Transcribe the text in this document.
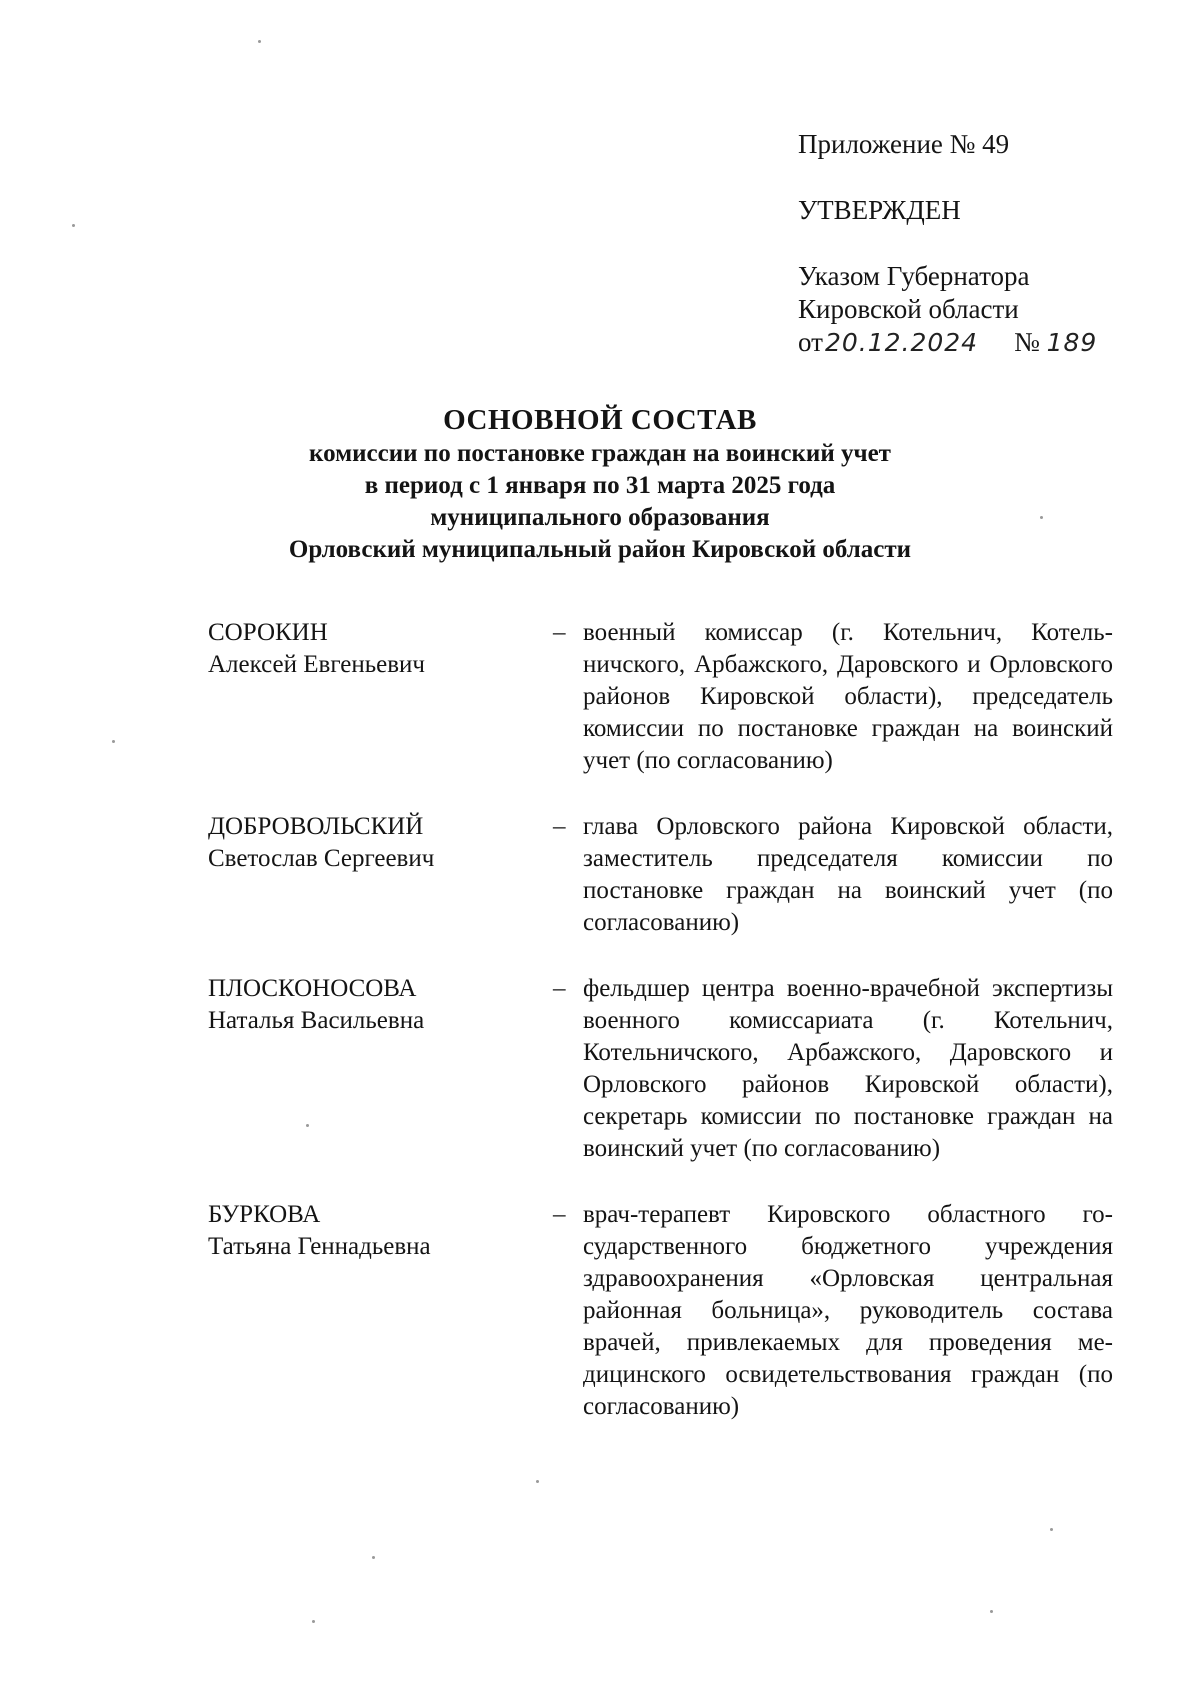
Приложение № 49
УТВЕРЖДЕН
Указом Губернатора
Кировской области
от20.12.2024 № 189
ОСНОВНОЙ СОСТАВ
комиссии по постановке граждан на воинский учет
в период с 1 января по 31 марта 2025 года
муниципального образования
Орловский муниципальный район Кировской области
СОРОКИН
Алексей Евгеньевич
– военный комиссар (г. Котельнич, Котельничского, Арбажского, Даровского и Орловского районов Кировской области), председатель комиссии по постановке граждан на воинский учет (по согласованию)
ДОБРОВОЛЬСКИЙ
Светослав Сергеевич
– глава Орловского района Кировской области, заместитель председателя комиссии по постановке граждан на воинский учет (по согласованию)
ПЛОСКОНОСОВА
Наталья Васильевна
– фельдшер центра военно-врачебной экспертизы военного комиссариата (г. Котельнич, Котельничского, Арбажского, Даровского и Орловского районов Кировской области), секретарь комиссии по постановке граждан на воинский учет (по согласованию)
БУРКОВА
Татьяна Геннадьевна
– врач-терапевт Кировского областного государственного бюджетного учреждения здравоохранения «Орловская центральная районная больница», руководитель состава врачей, привлекаемых для проведения медицинского освидетельствования граждан (по согласованию)
